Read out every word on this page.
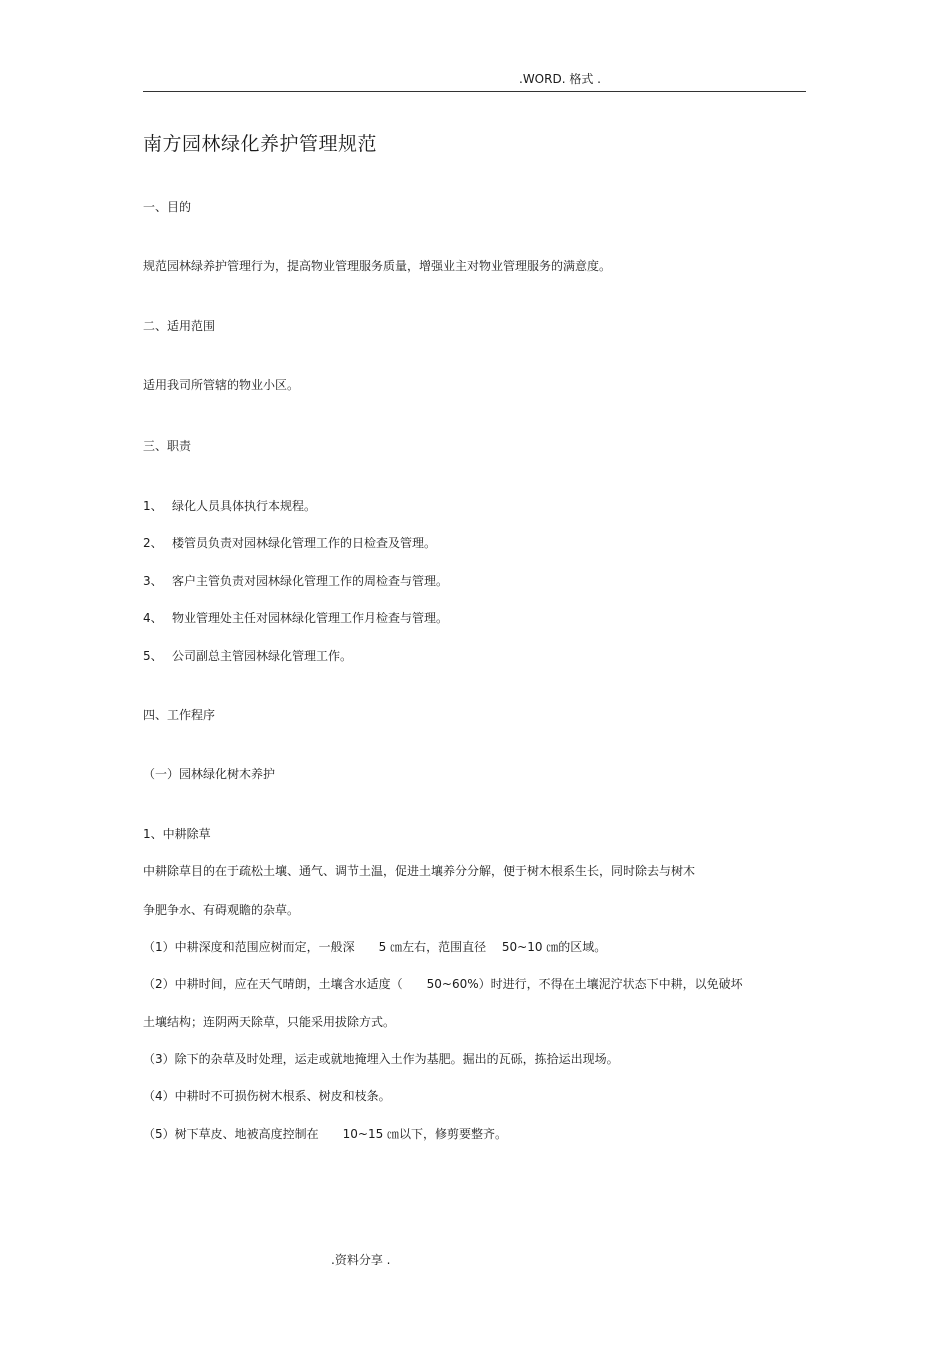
.WORD. 格式 .
南方园林绿化养护管理规范
一、目的
规范园林绿养护管理行为，提高物业管理服务质量，增强业主对物业管理服务的满意度。
二、适用范围
适用我司所管辖的物业小区。
三、职责
1、 绿化人员具体执行本规程。
2、 楼管员负责对园林绿化管理工作的日检查及管理。
3、 客户主管负责对园林绿化管理工作的周检查与管理。
4、 物业管理处主任对园林绿化管理工作月检查与管理。
5、 公司副总主管园林绿化管理工作。
四、工作程序
（一）园林绿化树木养护
1、中耕除草
中耕除草目的在于疏松土壤、通气、调节土温，促进土壤养分分解，便于树木根系生长，同时除去与树木
争肥争水、有碍观瞻的杂草。
（1）中耕深度和范围应树而定，一般深　　5 ㎝左右，范围直径　 50~10 ㎝的区域。
（2）中耕时间，应在天气晴朗，土壤含水适度（　　50~60%）时进行，不得在土壤泥泞状态下中耕，以免破坏
土壤结构；连阴两天除草，只能采用拔除方式。
（3）除下的杂草及时处理，运走或就地掩埋入土作为基肥。掘出的瓦砾，拣拾运出现场。
（4）中耕时不可损伤树木根系、树皮和枝条。
（5）树下草皮、地被高度控制在　　10~15 ㎝以下，修剪要整齐。
.资料分享 .
